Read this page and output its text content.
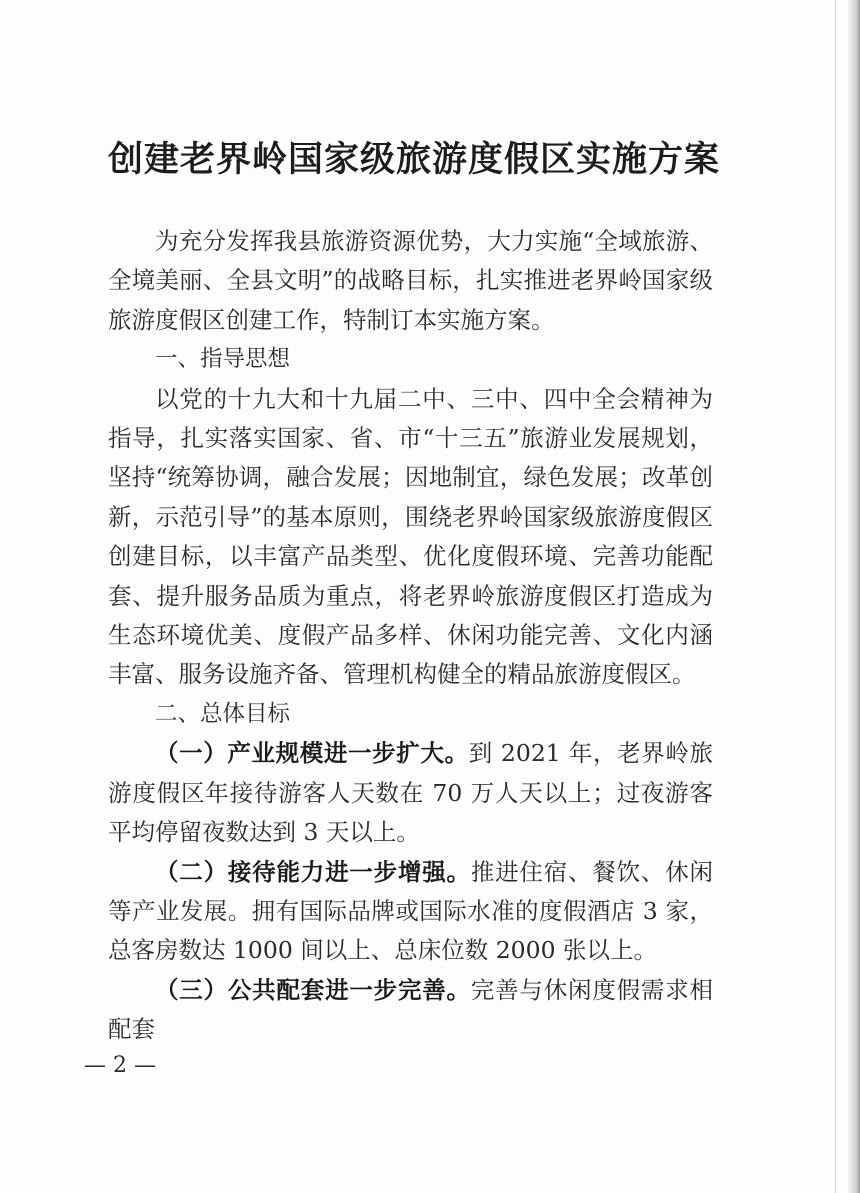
创建老界岭国家级旅游度假区实施方案

为充分发挥我县旅游资源优势，大力实施“全域旅游、全境美丽、全县文明”的战略目标，扎实推进老界岭国家级旅游度假区创建工作，特制订本实施方案。

一、指导思想

以党的十九大和十九届二中、三中、四中全会精神为指导，扎实落实国家、省、市“十三五”旅游业发展规划，坚持“统筹协调，融合发展；因地制宜，绿色发展；改革创新，示范引导”的基本原则，围绕老界岭国家级旅游度假区创建目标，以丰富产品类型、优化度假环境、完善功能配套、提升服务品质为重点，将老界岭旅游度假区打造成为生态环境优美、度假产品多样、休闲功能完善、文化内涵丰富、服务设施齐备、管理机构健全的精品旅游度假区。

二、总体目标

（一）产业规模进一步扩大。到 2021 年，老界岭旅游度假区年接待游客人天数在 70 万人天以上；过夜游客平均停留夜数达到 3 天以上。

（二）接待能力进一步增强。推进住宿、餐饮、休闲等产业发展。拥有国际品牌或国际水准的度假酒店 3 家，总客房数达 1000 间以上、总床位数 2000 张以上。

（三）公共配套进一步完善。完善与休闲度假需求相配套

— 2 —
